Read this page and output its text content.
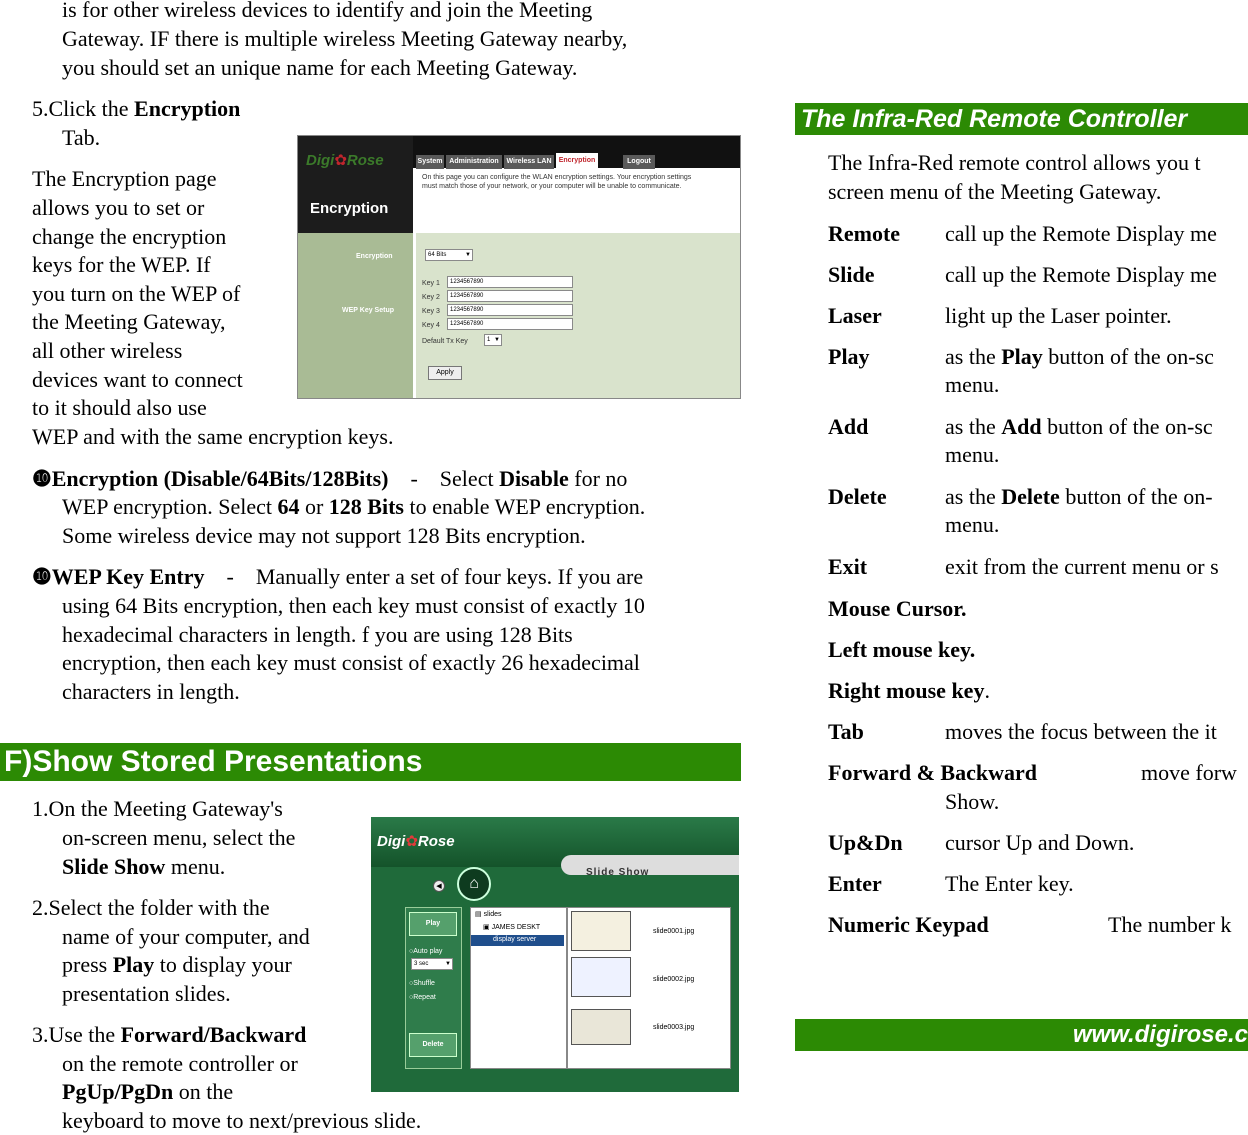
is for other wireless devices to identify and join the Meeting
Gateway. IF there is multiple wireless Meeting Gateway nearby,
you should set an unique name for each Meeting Gateway.
5.Click the Encryption
Tab.
The Encryption page
allows you to set or
change the encryption
keys for the WEP. If
you turn on the WEP of
the Meeting Gateway,
all other wireless
devices want to connect
to it should also use
WEP and with the same encryption keys.
❿Encryption (Disable/64Bits/128Bits)    -    Select Disable for no
WEP encryption. Select 64 or 128 Bits to enable WEP encryption.
Some wireless device may not support 128 Bits encryption.
❿WEP Key Entry    -    Manually enter a set of four keys. If you are
using 64 Bits encryption, then each key must consist of exactly 10
hexadecimal characters in length. f you are using 128 Bits
encryption, then each key must consist of exactly 26 hexadecimal
characters in length.
F)Show Stored Presentations
1.On the Meeting Gateway's
on-screen menu, select the
Slide Show menu.
2.Select the folder with the
name of your computer, and
press Play to display your
presentation slides.
3.Use the Forward/Backward
on the remote controller or
PgUp/PgDn on the
keyboard to move to next/previous slide.
Digi✿Rose
Encryption
System Administration	Wireless LAN	Encryption	Logout
On this page you can configure the WLAN encryption settings. Your encryption settings must match those of your network, or your computer will be unable to communicate.
Encryption	64 Bits	▼
WEP Key Setup
Key 1	1234567890
Key 2	1234567890
Key 3	1234567890
Key 4	1234567890
Default Tx Key	1 ▼
Apply
Digi✿Rose
Slide Show
◀	⌂
Play
○Auto play
3 sec	▼
○Shuffle
○Repeat
Delete
▤ slides
▣ JAMES DESKT
display server
slide0001.jpg
slide0002.jpg
slide0003.jpg
The Infra-Red Remote Controller
The Infra-Red remote control allows you t
screen menu of the Meeting Gateway.
Remote call up the Remote Display me
Slide	call up the Remote Display me
Laser	light up the Laser pointer.
Play	as the Play button of the on-sc
menu.
Add	as the Add button of the on-sc
menu.
Delete	as the Delete button of the on-
menu.
Exit	exit from the current menu or s
Mouse Cursor.
Left mouse key.
Right mouse key.
Tab	moves the focus between the it
Forward & Backward	move forw
Show.
Up&Dn cursor Up and Down.
Enter	The Enter key.
Numeric Keypad	The number k
www.digirose.c
